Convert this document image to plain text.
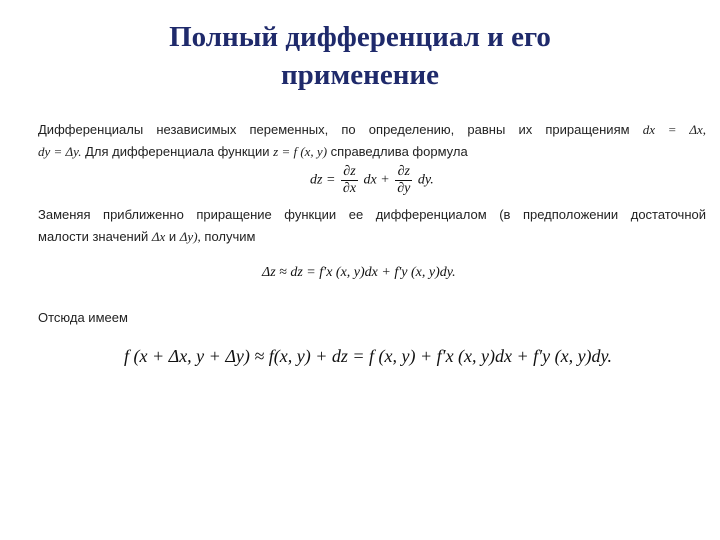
Полный дифференциал и его
применение
Дифференциалы независимых переменных, по определению, равны их приращениям dx = Δx,
dy = Δy. Для дифференциала функции z = f (x, y) справедлива формула
dz = $\frac{\partial z}{\partial x}$ dx + $\frac{\partial z}{\partial y}$ dy.
Заменяя приближенно приращение функции ее дифференциалом (в предположении достаточной
малости значений Δx и Δy), получим
Δz ≈ dz = f′x (x, y)dx + f′y (x, y)dy.
Отсюда имеем
f (x + Δx, y + Δy) ≈ f(x, y) + dz = f (x, y) + f′x (x, y)dx + f′y (x, y)dy.
